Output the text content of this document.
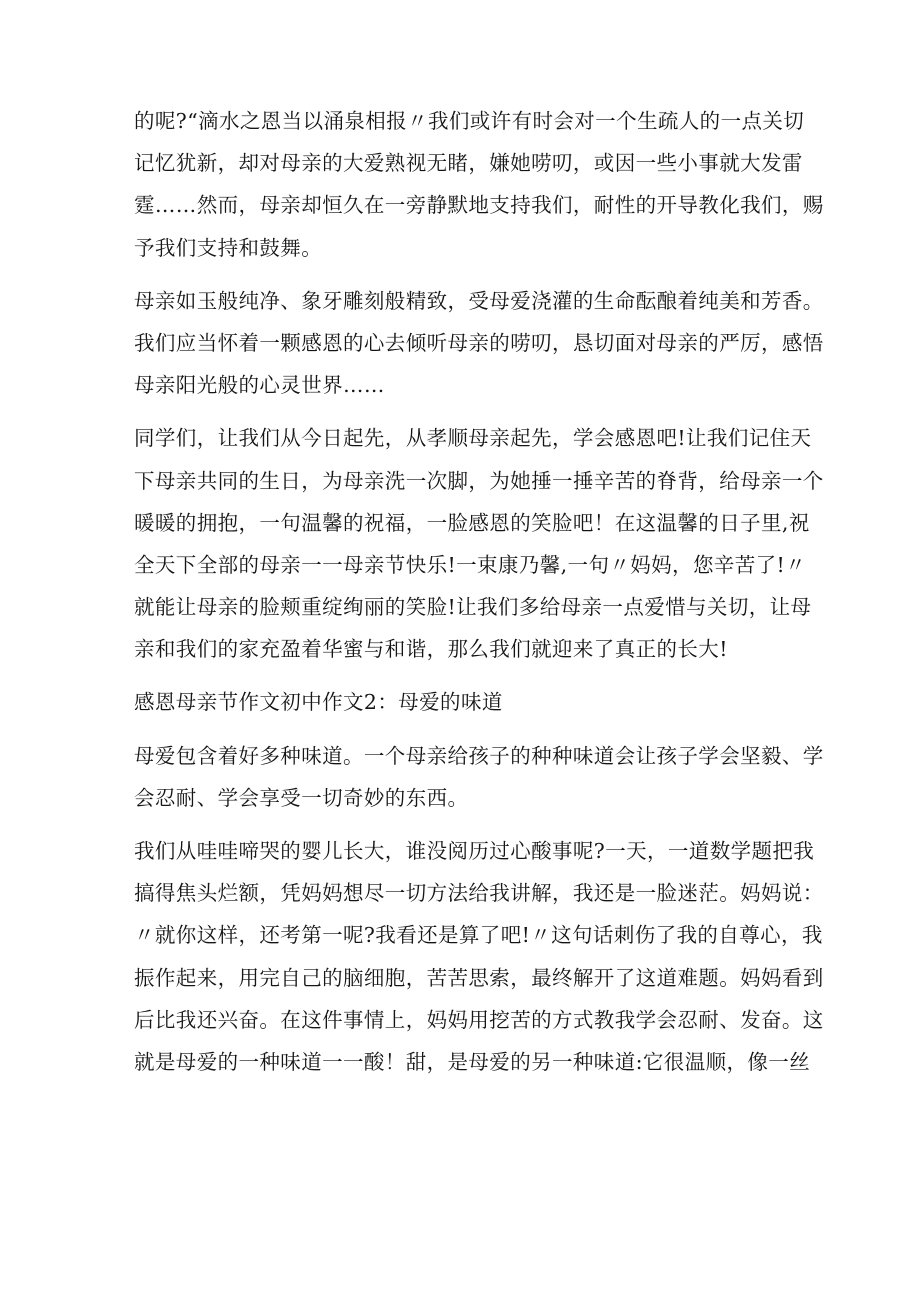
的呢?“滴水之恩当以涌泉相报〃我们或许有时会对一个生疏人的一点关切
记忆犹新，却对母亲的大爱熟视无睹，嫌她唠叨，或因一些小事就大发雷
霆……然而，母亲却恒久在一旁静默地支持我们，耐性的开导教化我们，赐
予我们支持和鼓舞。
母亲如玉般纯净、象牙雕刻般精致，受母爱浇灌的生命酝酿着纯美和芳香。
我们应当怀着一颗感恩的心去倾听母亲的唠叨，恳切面对母亲的严厉，感悟
母亲阳光般的心灵世界……
同学们，让我们从今日起先，从孝顺母亲起先，学会感恩吧!让我们记住天
下母亲共同的生日，为母亲洗一次脚，为她捶一捶辛苦的脊背，给母亲一个
暖暖的拥抱，一句温馨的祝福，一脸感恩的笑脸吧！在这温馨的日子里,祝
全天下全部的母亲一一母亲节快乐!一束康乃馨,一句〃妈妈，您辛苦了!〃
就能让母亲的脸颊重绽绚丽的笑脸!让我们多给母亲一点爱惜与关切，让母
亲和我们的家充盈着华蜜与和谐，那么我们就迎来了真正的长大!
感恩母亲节作文初中作文2：母爱的味道
母爱包含着好多种味道。一个母亲给孩子的种种味道会让孩子学会坚毅、学
会忍耐、学会享受一切奇妙的东西。
我们从哇哇啼哭的婴儿长大，谁没阅历过心酸事呢?一天，一道数学题把我
搞得焦头烂额，凭妈妈想尽一切方法给我讲解，我还是一脸迷茫。妈妈说：
〃就你这样，还考第一呢?我看还是算了吧!〃这句话刺伤了我的自尊心，我
振作起来，用完自己的脑细胞，苦苦思索，最终解开了这道难题。妈妈看到
后比我还兴奋。在这件事情上，妈妈用挖苦的方式教我学会忍耐、发奋。这
就是母爱的一种味道一一酸！甜，是母爱的另一种味道:它很温顺，像一丝
